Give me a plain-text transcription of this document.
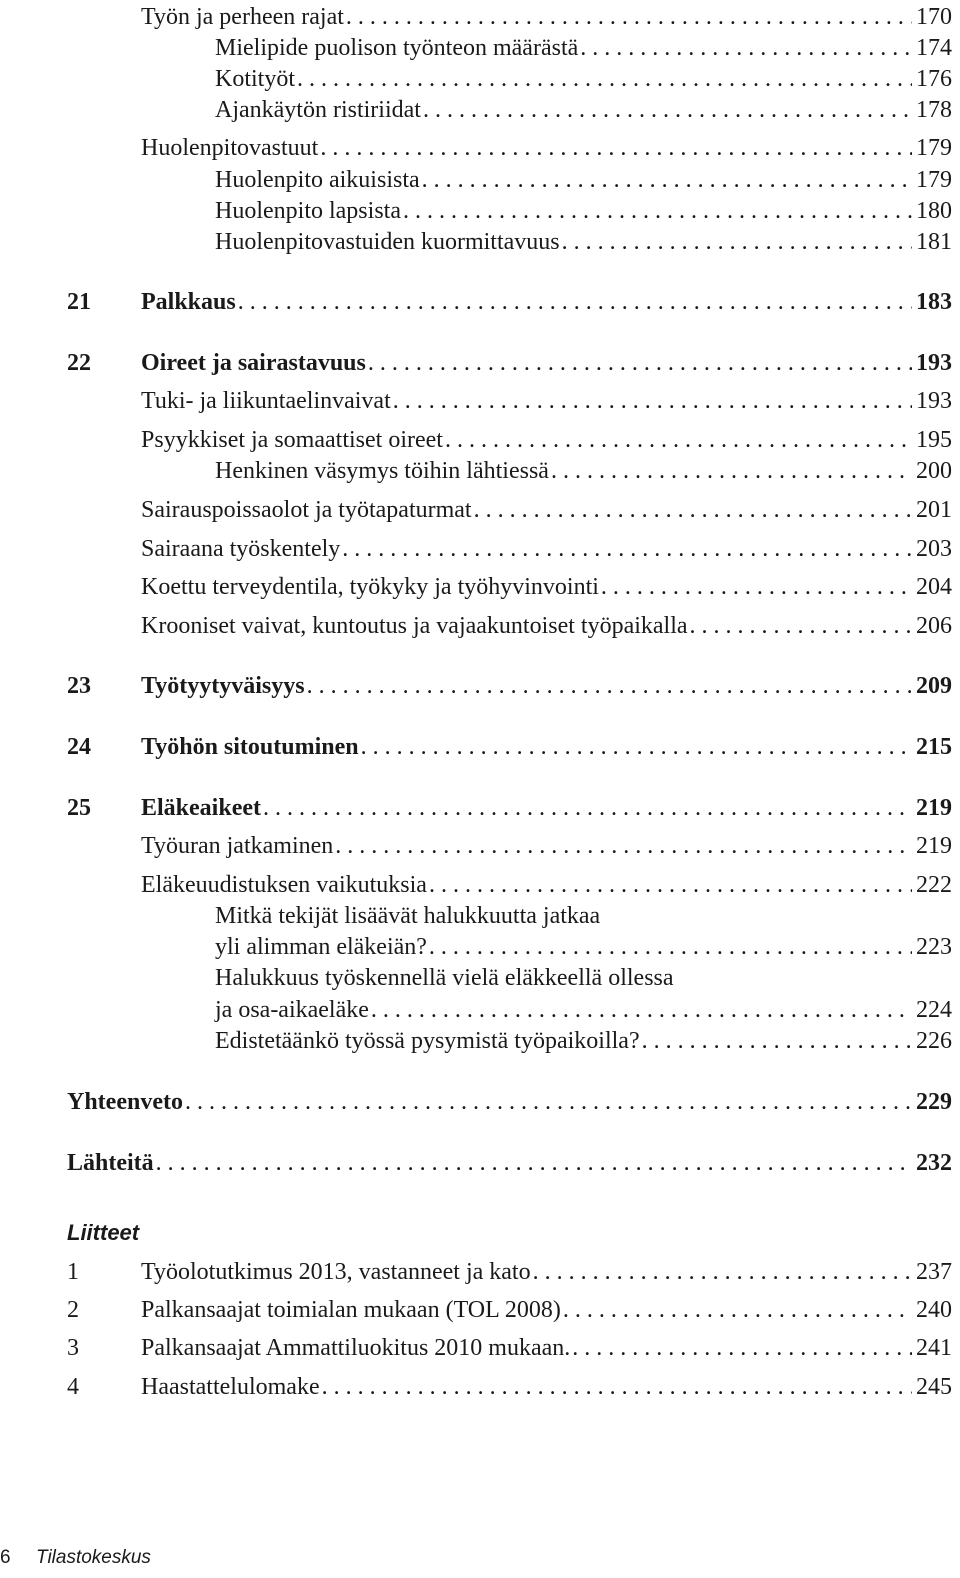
Työn ja perheen rajat . . .	170
Mielipide puolison työnteon määrästä . . .	174
Kotityöt . . .	176
Ajankäytön ristiriidat . . .	178
Huolenpitovastuut . . .	179
Huolenpito aikuisista . . .	179
Huolenpito lapsista . . .	180
Huolenpitovastuiden kuormittavuus . . .	181
21 Palkkaus . . .	183
22 Oireet ja sairastavuus . . .	193
Tuki- ja liikuntaelinvaivat . . .	193
Psyykkiset ja somaattiset oireet . . .	195
Henkinen väsymys töihin lähtiessä . . .	200
Sairauspoissaolot ja työtapaturmat . . .	201
Sairaana työskentely . . .	203
Koettu terveydentila, työkyky ja työhyvinvointi . . .	204
Krooniset vaivat, kuntoutus ja vajaakuntoiset työpaikalla . . .	206
23 Työtyytyväisyys . . .	209
24 Työhön sitoutuminen . . .	215
25 Eläkeaikeet . . .	219
Työuran jatkaminen . . .	219
Eläkeuudistuksen vaikutuksia . . .	222
Mitkä tekijät lisäävät halukkuutta jatkaa
yli alimman eläkeiän? . . .	223
Halukkuus työskennellä vielä eläkkeellä ollessa
ja osa-aikaeläke . . .	224
Edistetäänkö työssä pysymistä työpaikoilla? . . .	226
Yhteenveto . . .	229
Lähteitä . . .	232
Liitteet
1	Työolotutkimus 2013, vastanneet ja kato . . .	237
2	Palkansaajat toimialan mukaan (TOL 2008) . . .	240
3	Palkansaajat Ammattiluokitus 2010 mukaan. . . .	241
4	Haastattelulomake . . .	245
6 Tilastokeskus
